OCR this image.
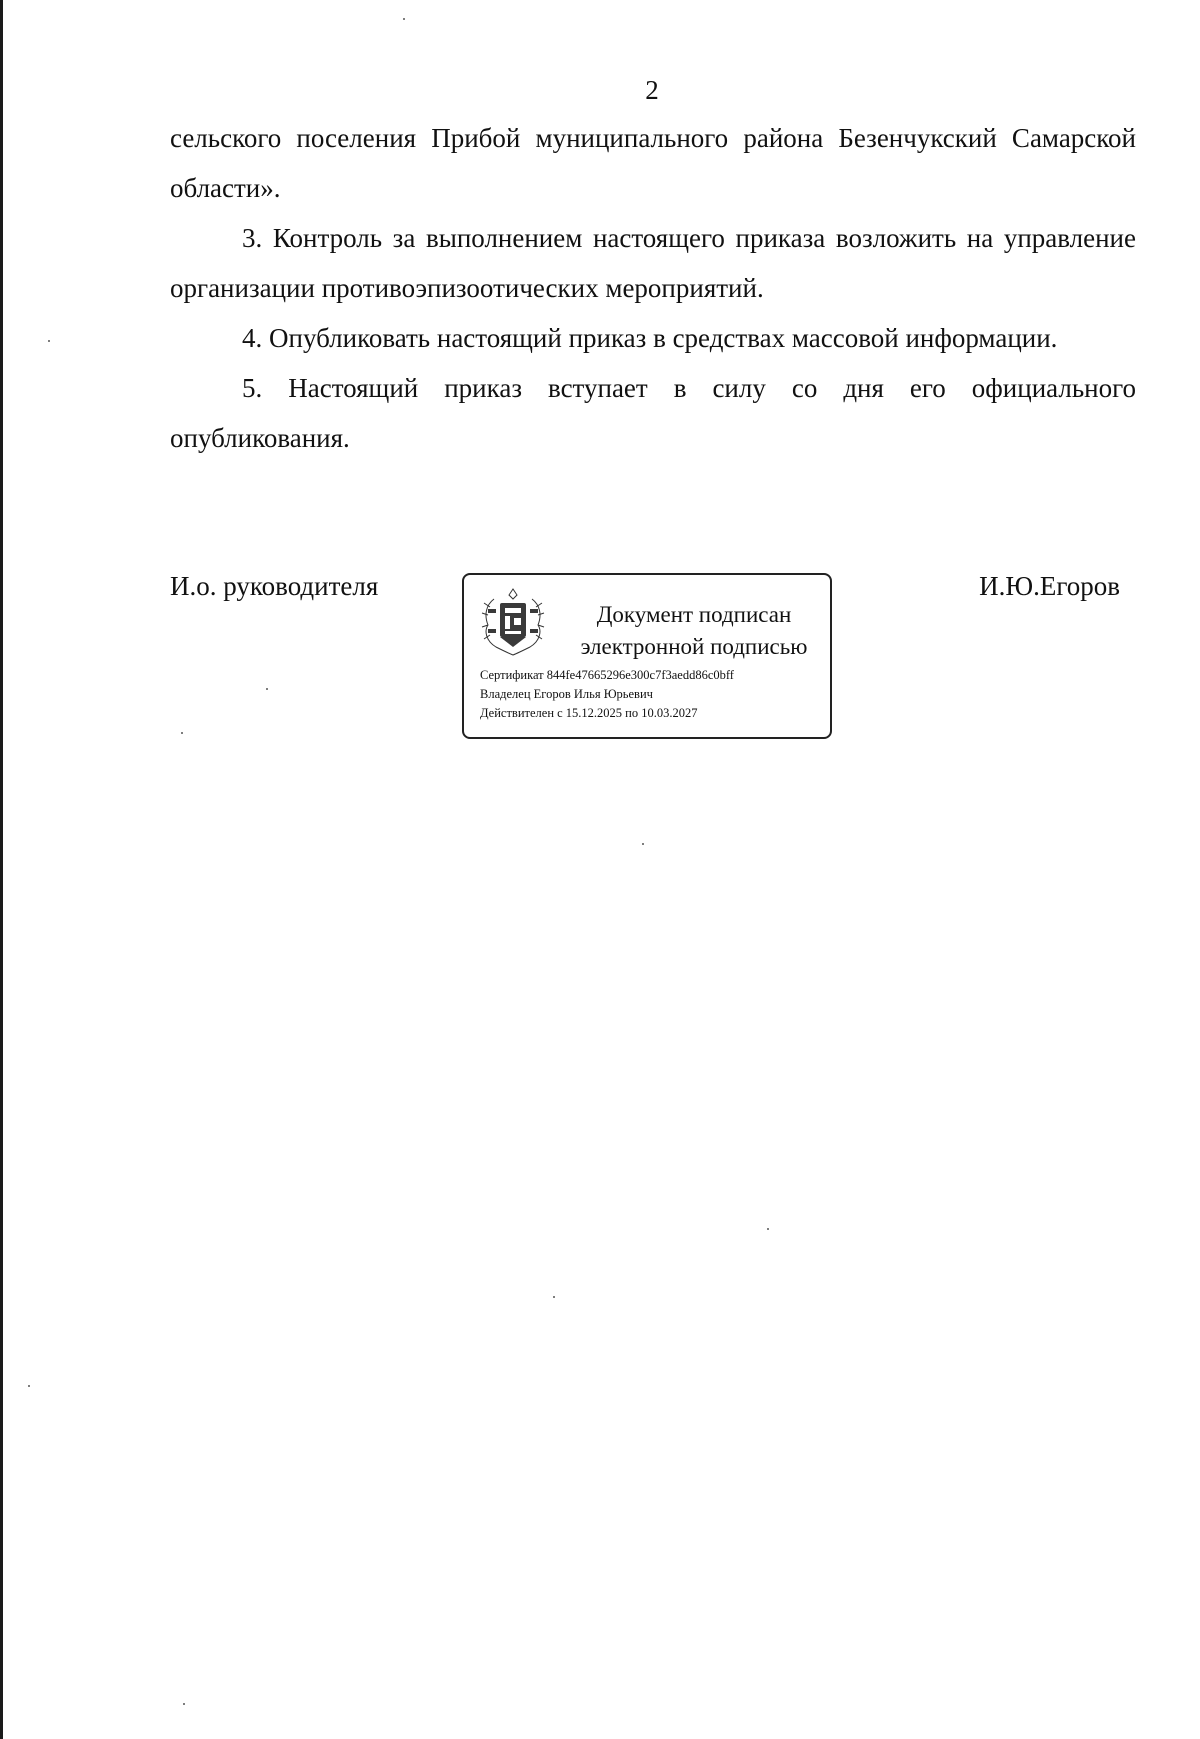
2

сельского поселения Прибой муниципального района Безенчукский Самарской области».

3. Контроль за выполнением настоящего приказа возложить на управление организации противоэпизоотических мероприятий.

4. Опубликовать настоящий приказ в средствах массовой информации.

5. Настоящий приказ вступает в силу со дня его официального опубликования.

И.о. руководителя
Документ подписан электронной подписью
Сертификат 844fe47665296e300c7f3aedd86c0bff
Владелец Егоров Илья Юрьевич
Действителен с 15.12.2025 по 10.03.2027
И.Ю.Егоров
